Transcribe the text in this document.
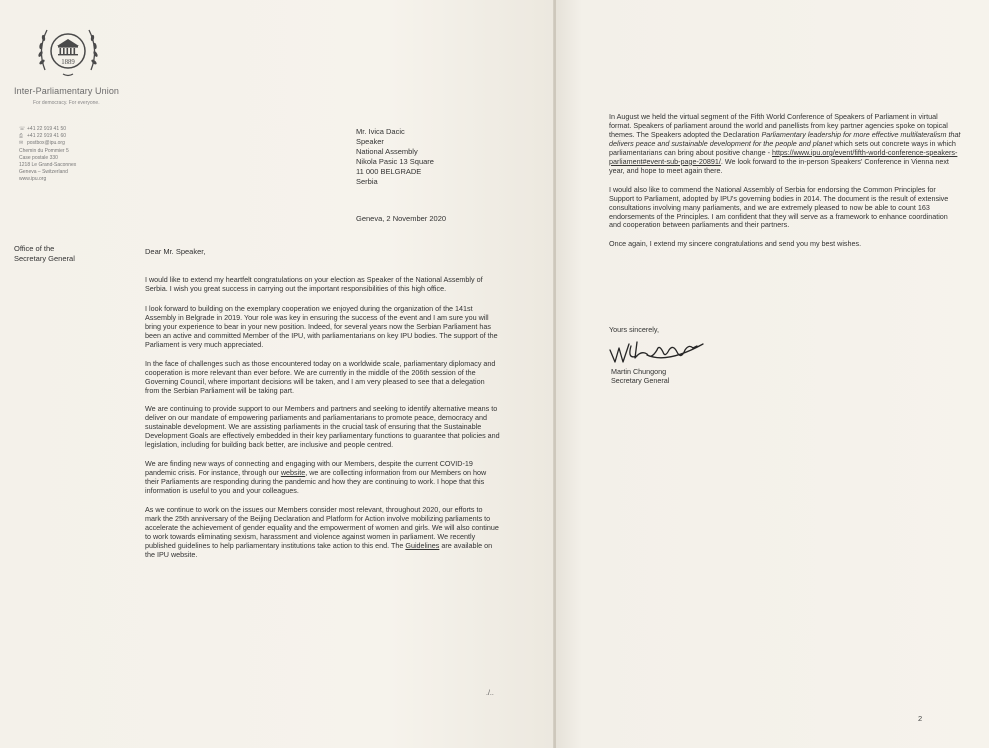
1889
Inter-Parliamentary Union
For democracy. For everyone.
☏ +41 22 919 41 50
⎙ +41 22 919 41 60
✉ postbox@ipu.org
Chemin du Pommier 5
Case postale 330
1218 Le Grand-Saconnex
Geneva – Switzerland
www.ipu.org
Office of the
Secretary General
Mr. Ivica Dacic
Speaker
National Assembly
Nikola Pasic 13 Square
11 000 BELGRADE
Serbia
Geneva, 2 November 2020
Dear Mr. Speaker,

I would like to extend my heartfelt congratulations on your election as Speaker of the National Assembly of Serbia. I wish you great success in carrying out the important responsibilities of this high office.

I look forward to building on the exemplary cooperation we enjoyed during the organization of the 141st Assembly in Belgrade in 2019. Your role was key in ensuring the success of the event and I am sure you will bring your experience to bear in your new position. Indeed, for several years now the Serbian Parliament has been an active and committed Member of the IPU, with parliamentarians on key IPU bodies. The support of the Parliament is very much appreciated.

In the face of challenges such as those encountered today on a worldwide scale, parliamentary diplomacy and cooperation is more relevant than ever before. We are currently in the middle of the 206th session of the Governing Council, where important decisions will be taken, and I am very pleased to see that a delegation from the Serbian Parliament will be taking part.

We are continuing to provide support to our Members and partners and seeking to identify alternative means to deliver on our mandate of empowering parliaments and parliamentarians to promote peace, democracy and sustainable development. We are assisting parliaments in the crucial task of ensuring that the Sustainable Development Goals are effectively embedded in their key parliamentary functions to guarantee that policies and legislation, including for building back better, are inclusive and people centred.

We are finding new ways of connecting and engaging with our Members, despite the current COVID-19 pandemic crisis. For instance, through our website, we are collecting information from our Members on how their Parliaments are responding during the pandemic and how they are continuing to work. I hope that this information is useful to you and your colleagues.

As we continue to work on the issues our Members consider most relevant, throughout 2020, our efforts to mark the 25th anniversary of the Beijing Declaration and Platform for Action involve mobilizing parliaments to accelerate the achievement of gender equality and the empowerment of women and girls. We will also continue to work towards eliminating sexism, harassment and violence against women in parliament. We recently published guidelines to help parliamentary institutions take action to this end. The Guidelines are available on the IPU website.

./..

In August we held the virtual segment of the Fifth World Conference of Speakers of Parliament in virtual format. Speakers of parliament around the world and panellists from key partner agencies spoke on topical themes. The Speakers adopted the Declaration Parliamentary leadership for more effective multilateralism that delivers peace and sustainable development for the people and planet which sets out concrete ways in which parliamentarians can bring about positive change - https://www.ipu.org/event/fifth-world-conference-speakers-parliament#event-sub-page-20891/. We look forward to the in-person Speakers' Conference in Vienna next year, and hope to meet again there.

I would also like to commend the National Assembly of Serbia for endorsing the Common Principles for Support to Parliament, adopted by IPU's governing bodies in 2014. The document is the result of extensive consultations involving many parliaments, and we are extremely pleased to now be able to count 163 endorsements of the Principles. I am confident that they will serve as a framework to enhance coordination and cooperation between parliaments and their partners.

Once again, I extend my sincere congratulations and send you my best wishes.

Yours sincerely,
Martin Chungong
Secretary General
2
